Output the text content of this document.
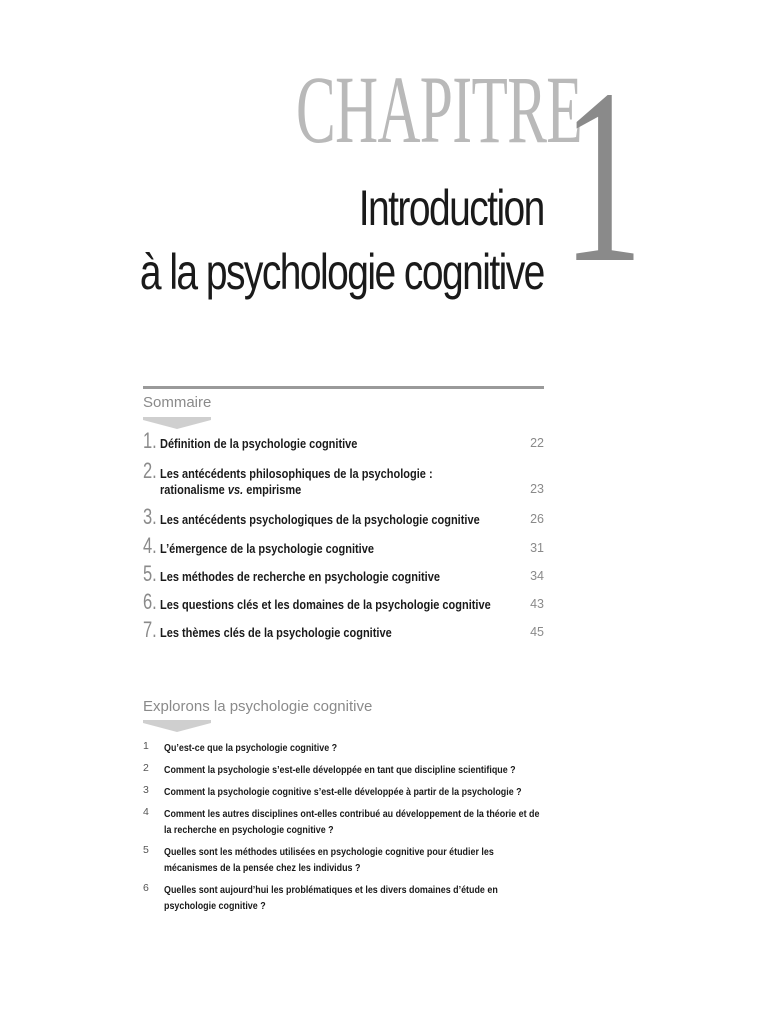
CHAPITRE
1
Introduction
à la psychologie cognitive
Sommaire
1. Définition de la psychologie cognitive	22
2. Les antécédents philosophiques de la psychologie :
rationalisme vs. empirisme	23
3. Les antécédents psychologiques de la psychologie cognitive	26
4. L’émergence de la psychologie cognitive	31
5. Les méthodes de recherche en psychologie cognitive	34
6. Les questions clés et les domaines de la psychologie cognitive	43
7. Les thèmes clés de la psychologie cognitive	45
Explorons la psychologie cognitive
1 Qu’est-ce que la psychologie cognitive ?
2 Comment la psychologie s’est-elle développée en tant que discipline scientifique ?
3 Comment la psychologie cognitive s’est-elle développée à partir de la psychologie ?
4 Comment les autres disciplines ont-elles contribué au développement de la théorie et de la recherche en psychologie cognitive ?
5 Quelles sont les méthodes utilisées en psychologie cognitive pour étudier les mécanismes de la pensée chez les individus ?
6 Quelles sont aujourd’hui les problématiques et les divers domaines d’étude en psychologie cognitive ?
